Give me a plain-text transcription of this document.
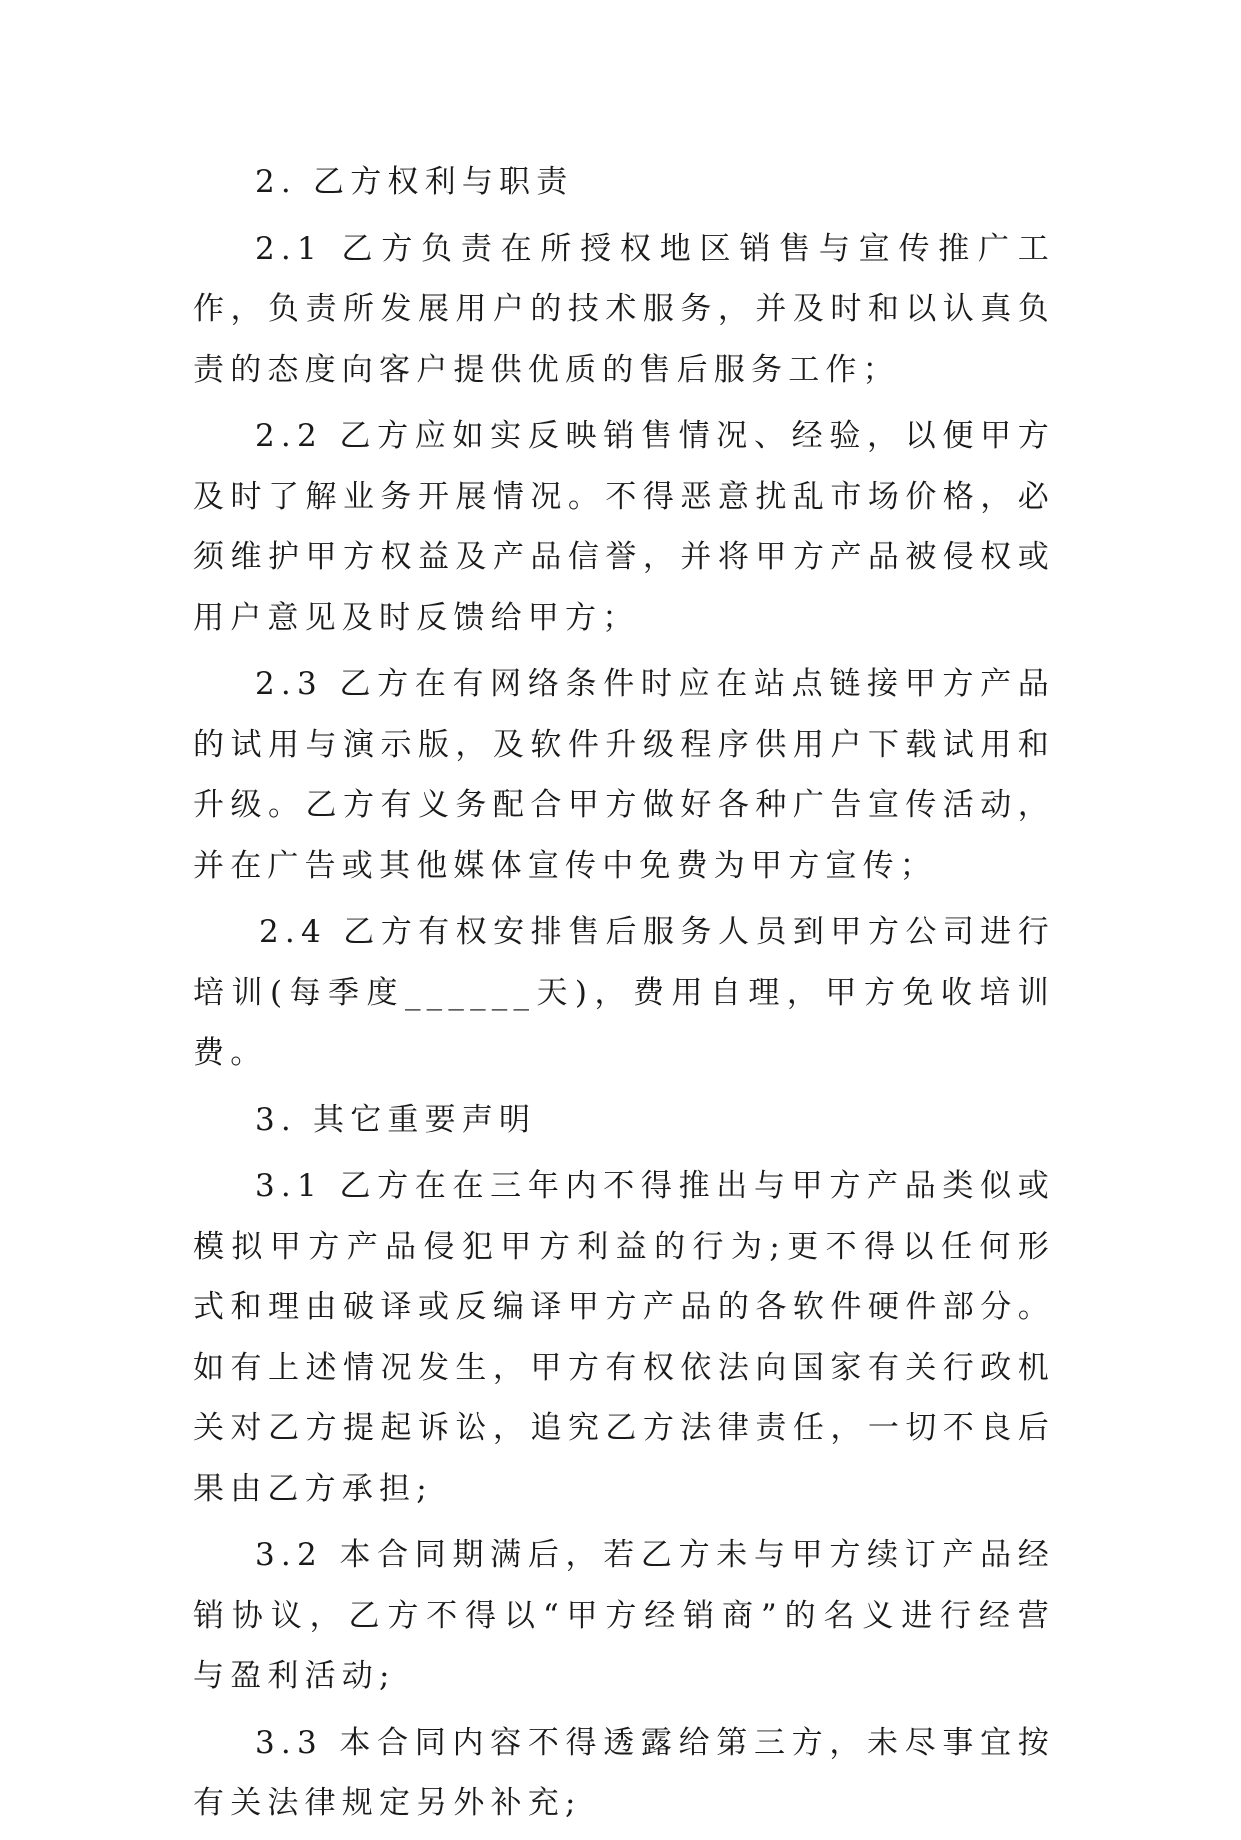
2. 乙方权利与职责

2.1 乙方负责在所授权地区销售与宣传推广工作，负责所发展用户的技术服务，并及时和以认真负责的态度向客户提供优质的售后服务工作；

2.2 乙方应如实反映销售情况、经验，以便甲方及时了解业务开展情况。不得恶意扰乱市场价格，必须维护甲方权益及产品信誉，并将甲方产品被侵权或用户意见及时反馈给甲方；

2.3 乙方在有网络条件时应在站点链接甲方产品的试用与演示版，及软件升级程序供用户下载试用和升级。乙方有义务配合甲方做好各种广告宣传活动，并在广告或其他媒体宣传中免费为甲方宣传；

2.4 乙方有权安排售后服务人员到甲方公司进行培训(每季度______天)，费用自理，甲方免收培训费。

3. 其它重要声明

3.1 乙方在在三年内不得推出与甲方产品类似或模拟甲方产品侵犯甲方利益的行为;更不得以任何形式和理由破译或反编译甲方产品的各软件硬件部分。如有上述情况发生，甲方有权依法向国家有关行政机关对乙方提起诉讼，追究乙方法律责任，一切不良后果由乙方承担;

3.2 本合同期满后，若乙方未与甲方续订产品经销协议，乙方不得以“甲方经销商”的名义进行经营与盈利活动;

3.3 本合同内容不得透露给第三方，未尽事宜按有关法律规定另外补充;
